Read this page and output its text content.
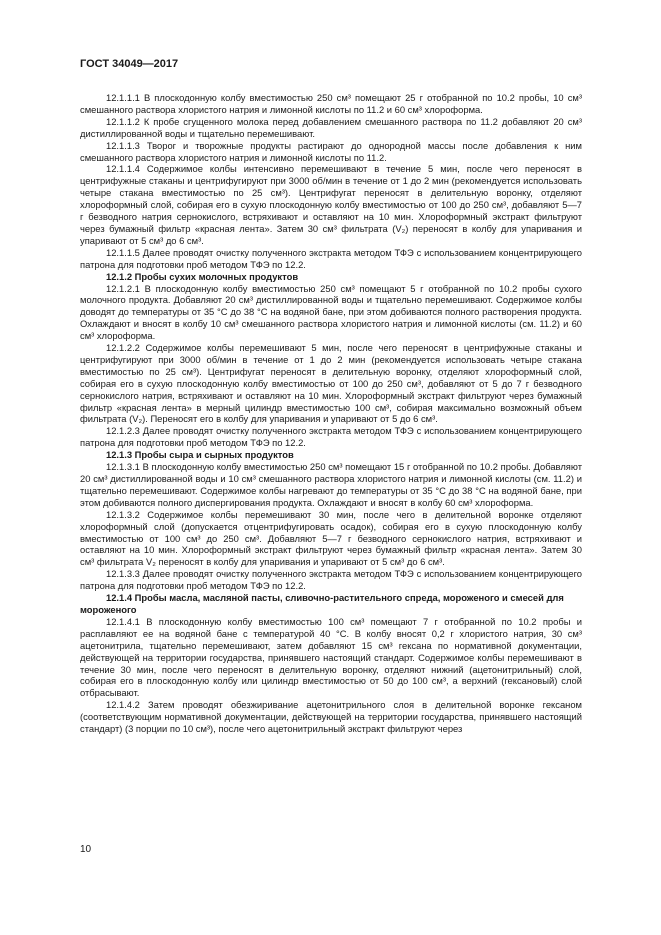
ГОСТ 34049—2017

12.1.1.1 В плоскодонную колбу вместимостью 250 см³ помещают 25 г отобранной по 10.2 пробы, 10 см³ смешанного раствора хлористого натрия и лимонной кислоты по 11.2 и 60 см³ хлороформа.

12.1.1.2 К пробе сгущенного молока перед добавлением смешанного раствора по 11.2 добавляют 20 см³ дистиллированной воды и тщательно перемешивают.

12.1.1.3 Творог и творожные продукты растирают до однородной массы после добавления к ним смешанного раствора хлористого натрия и лимонной кислоты по 11.2.

12.1.1.4 Содержимое колбы интенсивно перемешивают в течение 5 мин, после чего переносят в центрифужные стаканы и центрифугируют при 3000 об/мин в течение от 1 до 2 мин (рекомендуется использовать четыре стакана вместимостью по 25 см³). Центрифугат переносят в делительную воронку, отделяют хлороформный слой, собирая его в сухую плоскодонную колбу вместимостью от 100 до 250 см³, добавляют 5—7 г безводного натрия сернокислого, встряхивают и оставляют на 10 мин. Хлороформный экстракт фильтруют через бумажный фильтр «красная лента». Затем 30 см³ фильтрата (V₂) переносят в колбу для упаривания и упаривают от 5 см³ до 6 см³.

12.1.1.5 Далее проводят очистку полученного экстракта методом ТФЭ с использованием концентрирующего патрона для подготовки проб методом ТФЭ по 12.2.

12.1.2 Пробы сухих молочных продуктов

12.1.2.1 В плоскодонную колбу вместимостью 250 см³ помещают 5 г отобранной по 10.2 пробы сухого молочного продукта. Добавляют 20 см³ дистиллированной воды и тщательно перемешивают. Содержимое колбы доводят до температуры от 35 °C до 38 °C на водяной бане, при этом добиваются полного растворения продукта. Охлаждают и вносят в колбу 10 см³ смешанного раствора хлористого натрия и лимонной кислоты (см. 11.2) и 60 см³ хлороформа.

12.1.2.2 Содержимое колбы перемешивают 5 мин, после чего переносят в центрифужные стаканы и центрифугируют при 3000 об/мин в течение от 1 до 2 мин (рекомендуется использовать четыре стакана вместимостью по 25 см³). Центрифугат переносят в делительную воронку, отделяют хлороформный слой, собирая его в сухую плоскодонную колбу вместимостью от 100 до 250 см³, добавляют от 5 до 7 г безводного сернокислого натрия, встряхивают и оставляют на 10 мин. Хлороформный экстракт фильтруют через бумажный фильтр «красная лента» в мерный цилиндр вместимостью 100 см³, собирая максимально возможный объем фильтрата (V₂). Переносят его в колбу для упаривания и упаривают от 5 до 6 см³.

12.1.2.3 Далее проводят очистку полученного экстракта методом ТФЭ с использованием концентрирующего патрона для подготовки проб методом ТФЭ по 12.2.

12.1.3 Пробы сыра и сырных продуктов

12.1.3.1 В плоскодонную колбу вместимостью 250 см³ помещают 15 г отобранной по 10.2 пробы. Добавляют 20 см³ дистиллированной воды и 10 см³ смешанного раствора хлористого натрия и лимонной кислоты (см. 11.2) и тщательно перемешивают. Содержимое колбы нагревают до температуры от 35 °C до 38 °C на водяной бане, при этом добиваются полного диспергирования продукта. Охлаждают и вносят в колбу 60 см³ хлороформа.

12.1.3.2 Содержимое колбы перемешивают 30 мин, после чего в делительной воронке отделяют хлороформный слой (допускается отцентрифугировать осадок), собирая его в сухую плоскодонную колбу вместимостью от 100 см³ до 250 см³. Добавляют 5—7 г безводного сернокислого натрия, встряхивают и оставляют на 10 мин. Хлороформный экстракт фильтруют через бумажный фильтр «красная лента». Затем 30 см³ фильтрата V₂ переносят в колбу для упаривания и упаривают от 5 см³ до 6 см³.

12.1.3.3 Далее проводят очистку полученного экстракта методом ТФЭ с использованием концентрирующего патрона для подготовки проб методом ТФЭ по 12.2.

12.1.4 Пробы масла, масляной пасты, сливочно-растительного спреда, мороженого и смесей для мороженого

12.1.4.1 В плоскодонную колбу вместимостью 100 см³ помещают 7 г отобранной по 10.2 пробы и расплавляют ее на водяной бане с температурой 40 °C. В колбу вносят 0,2 г хлористого натрия, 30 см³ ацетонитрила, тщательно перемешивают, затем добавляют 15 см³ гексана по нормативной документации, действующей на территории государства, принявшего настоящий стандарт. Содержимое колбы перемешивают в течение 30 мин, после чего переносят в делительную воронку, отделяют нижний (ацетонитрильный) слой, собирая его в плоскодонную колбу или цилиндр вместимостью от 50 до 100 см³, а верхний (гексановый) слой отбрасывают.

12.1.4.2 Затем проводят обезжиривание ацетонитрильного слоя в делительной воронке гексаном (соответствующим нормативной документации, действующей на территории государства, принявшего настоящий стандарт) (3 порции по 10 см³), после чего ацетонитрильный экстракт фильтруют через

10
